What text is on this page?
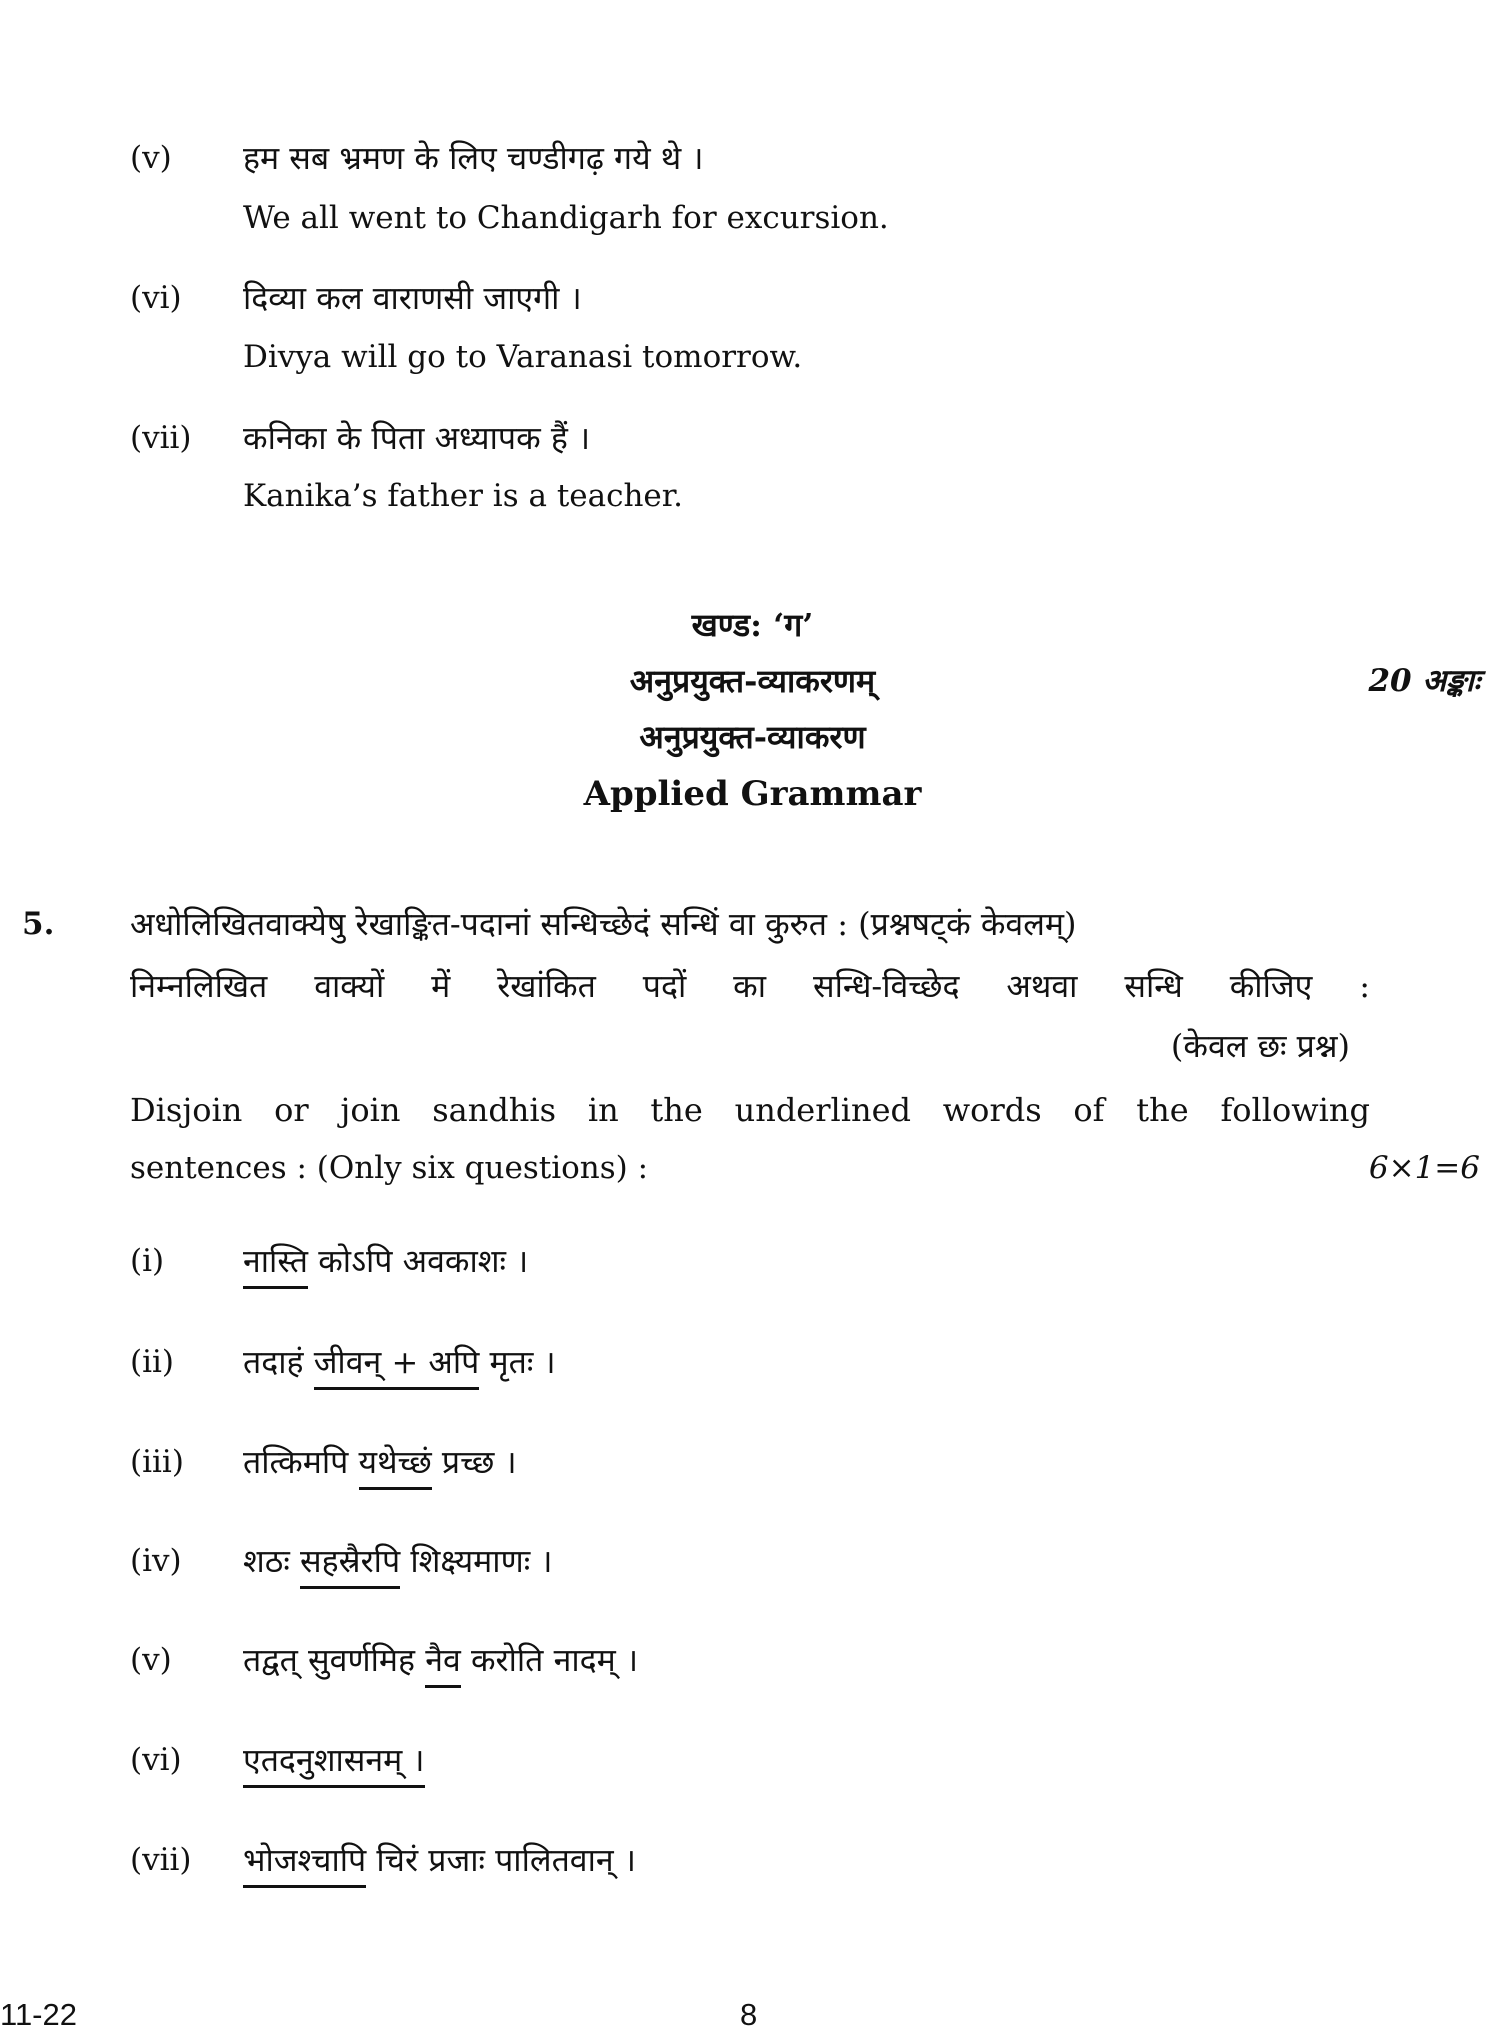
(v) हम सब भ्रमण के लिए चण्डीगढ़ गये थे ।
We all went to Chandigarh for excursion.
(vi) दिव्या कल वाराणसी जाएगी ।
Divya will go to Varanasi tomorrow.
(vii) कनिका के पिता अध्यापक हैं ।
Kanika’s father is a teacher.
खण्ड: ‘ग’
अनुप्रयुक्त-व्याकरणम्	20 अङ्काः
अनुप्रयुक्त-व्याकरण
Applied Grammar
5. अधोलिखितवाक्येषु रेखाङ्कित-पदानां सन्धिच्छेदं सन्धिं वा कुरुत : (प्रश्नषट्कं केवलम्)
निम्नलिखित वाक्यों में रेखांकित पदों का सन्धि-विच्छेद अथवा सन्धि कीजिए :
(केवल छः प्रश्न)
Disjoin or join sandhis in the underlined words of the following
sentences : (Only six questions) :	6×1=6
(i) नास्ति कोऽपि अवकाशः ।
(ii) तदाहं जीवन् + अपि मृतः ।
(iii) तत्किमपि यथेच्छं प्रच्छ ।
(iv) शठः सहस्रैरपि शिक्ष्यमाणः ।
(v) तद्वत् सुवर्णमिह नैव करोति नादम् ।
(vi) एतदनुशासनम् ।
(vii) भोजश्चापि चिरं प्रजाः पालितवान् ।
11-22	8
